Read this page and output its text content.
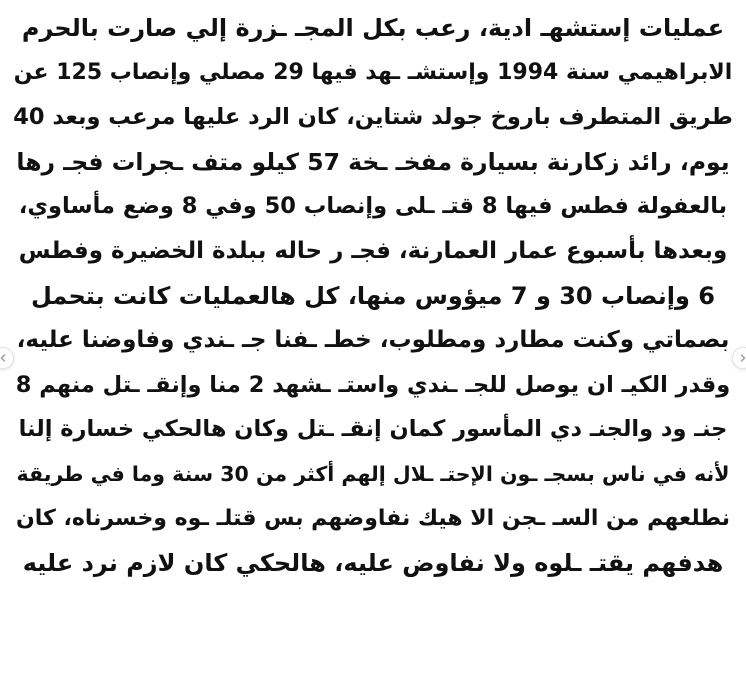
عمليات إستشهـ ادية، رعب بكل المجـ ـزرة إلي صارت بالحرم
الابراهيمي سنة 1994 وإستشـ ـهد فيها 29 مصلي وإنصاب 125 عن
طريق المتطرف باروخ جولد شتاين، كان الرد عليها مرعب وبعد 40
يوم، رائد زكارنة بسيارة مفخـ ـخة 57 كيلو متف ـجرات فجـ رها
بالعفولة فطس فيها 8 قتـ ـلى وإنصاب 50 وفي 8 وضع مأساوي،
وبعدها بأسبوع عمار العمارنة، فجـ ر حاله ببلدة الخضيرة وفطس
6 وإنصاب 30 و 7 ميؤوس منها، كل هالعمليات كانت بتحمل
بصماتي وكنت مطارد ومطلوب، خطـ ـفنا جـ ـندي وفاوضنا عليه،
وقدر الكيـ ان يوصل للجـ ـندي واستـ ـشهد 2 منا وإنقـ ـتل منهم 8
جنـ ود والجنـ دي المأسور كمان إنقـ ـتل وكان هالحكي خسارة إلنا
لأنه في ناس بسجـ ـون الإحتـ ـلال إلهم أكثر من 30 سنة وما في طريقة
نطلعهم من السـ ـجن الا هيك نفاوضهم بس قتلـ ـوه وخسرناه، كان
هدفهم يقتـ ـلوه ولا نفاوض عليه، هالحكي كان لازم نرد عليه
